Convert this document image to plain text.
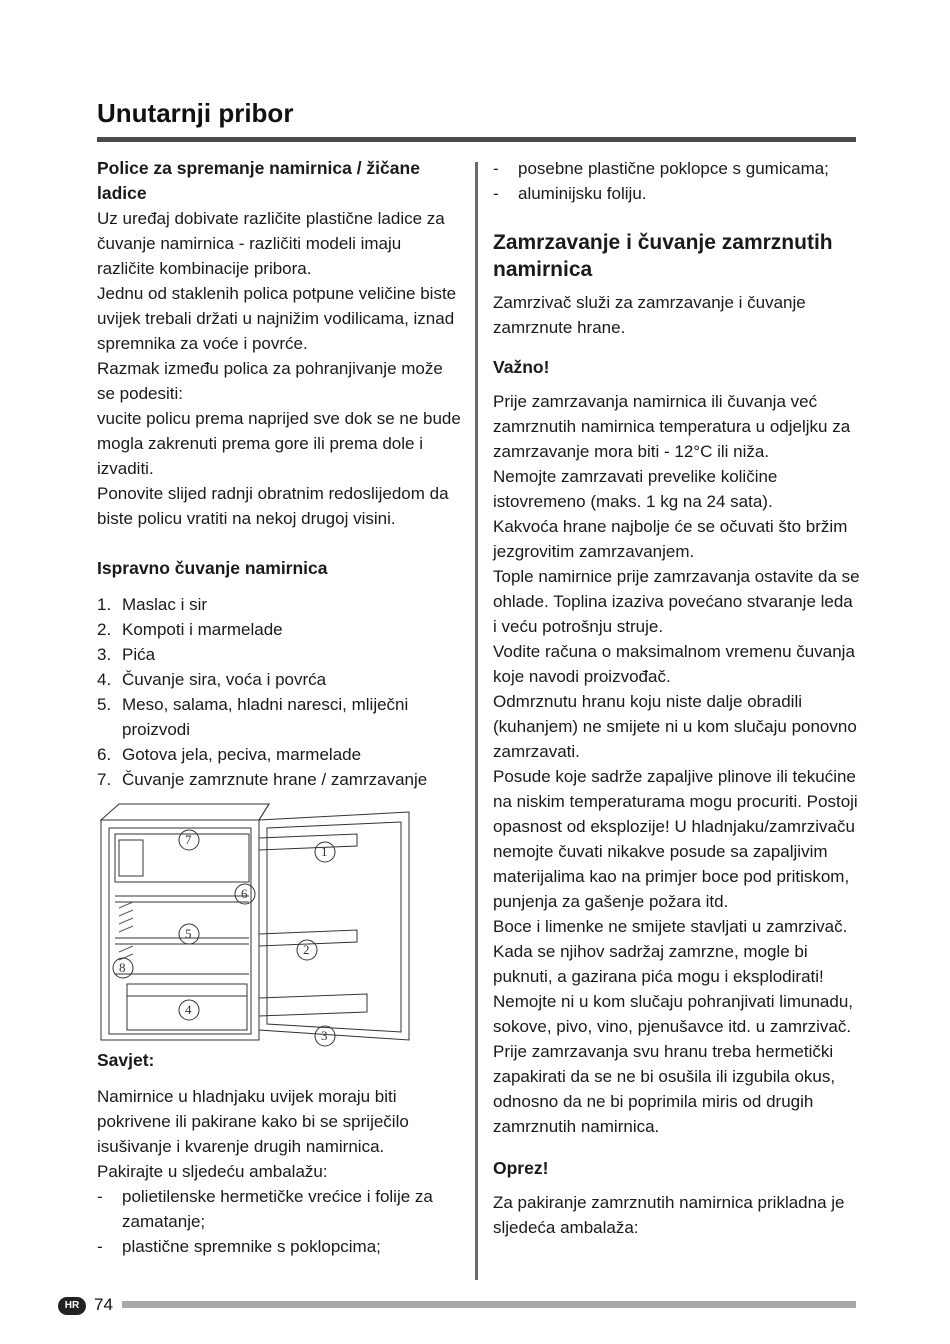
Unutarnji pribor

Police za spremanje namirnica / žičane ladice

Uz uređaj dobivate različite plastične ladice za čuvanje namirnica - različiti modeli imaju različite kombinacije pribora.

Jednu od staklenih polica potpune veličine biste uvijek trebali držati u najnižim vodilicama, iznad spremnika za voće i povrće.

Razmak između polica za pohranjivanje može se podesiti:

vucite policu prema naprijed sve dok se ne bude mogla zakrenuti prema gore ili prema dole i izvaditi.

Ponovite slijed radnji obratnim redoslijedom da biste policu vratiti na nekoj drugoj visini.

Ispravno čuvanje namirnica

1. Maslac i sir
2. Kompoti i marmelade
3. Pića
4. Čuvanje sira, voća i povrća
5. Meso, salama, hladni naresci, mliječni proizvodi
6. Gotova jela, peciva, marmelade
7. Čuvanje zamrznute hrane / zamrzavanje
1
2
3
4
5
6
7
8

Savjet:

Namirnice u hladnjaku uvijek moraju biti pokrivene ili pakirane kako bi se spriječilo isušivanje i kvarenje drugih namirnica.

Pakirajte u sljedeću ambalažu:

- polietilenske hermetičke vrećice i folije za zamatanje;
- plastične spremnike s poklopcima;
- posebne plastične poklopce s gumicama;
- aluminijsku foliju.

Zamrzavanje i čuvanje zamrznutih namirnica

Zamrzivač služi za zamrzavanje i čuvanje zamrznute hrane.

Važno!

Prije zamrzavanja namirnica ili čuvanja već zamrznutih namirnica temperatura u odjeljku za zamrzavanje mora biti - 12°C ili niža.

Nemojte zamrzavati prevelike količine istovremeno (maks. 1 kg na 24 sata).

Kakvoća hrane najbolje će se očuvati što bržim jezgrovitim zamrzavanjem.

Tople namirnice prije zamrzavanja ostavite da se ohlade. Toplina izaziva povećano stvaranje leda i veću potrošnju struje.

Vodite računa o maksimalnom vremenu čuvanja koje navodi proizvođač.

Odmrznutu hranu koju niste dalje obradili (kuhanjem) ne smijete ni u kom slučaju ponovno zamrzavati.

Posude koje sadrže zapaljive plinove ili tekućine na niskim temperaturama mogu procuriti. Postoji opasnost od eksplozije! U hladnjaku/zamrzivaču nemojte čuvati nikakve posude sa zapaljivim materijalima kao na primjer boce pod pritiskom, punjenja za gašenje požara itd.

Boce i limenke ne smijete stavljati u zamrzivač. Kada se njihov sadržaj zamrzne, mogle bi puknuti, a gazirana pića mogu i eksplodirati! Nemojte ni u kom slučaju pohranjivati limunadu, sokove, pivo, vino, pjenušavce itd. u zamrzivač.

Prije zamrzavanja svu hranu treba hermetički zapakirati da se ne bi osušila ili izgubila okus, odnosno da ne bi poprimila miris od drugih zamrznutih namirnica.

Oprez!

Za pakiranje zamrznutih namirnica prikladna je sljedeća ambalaža:

HR 74
